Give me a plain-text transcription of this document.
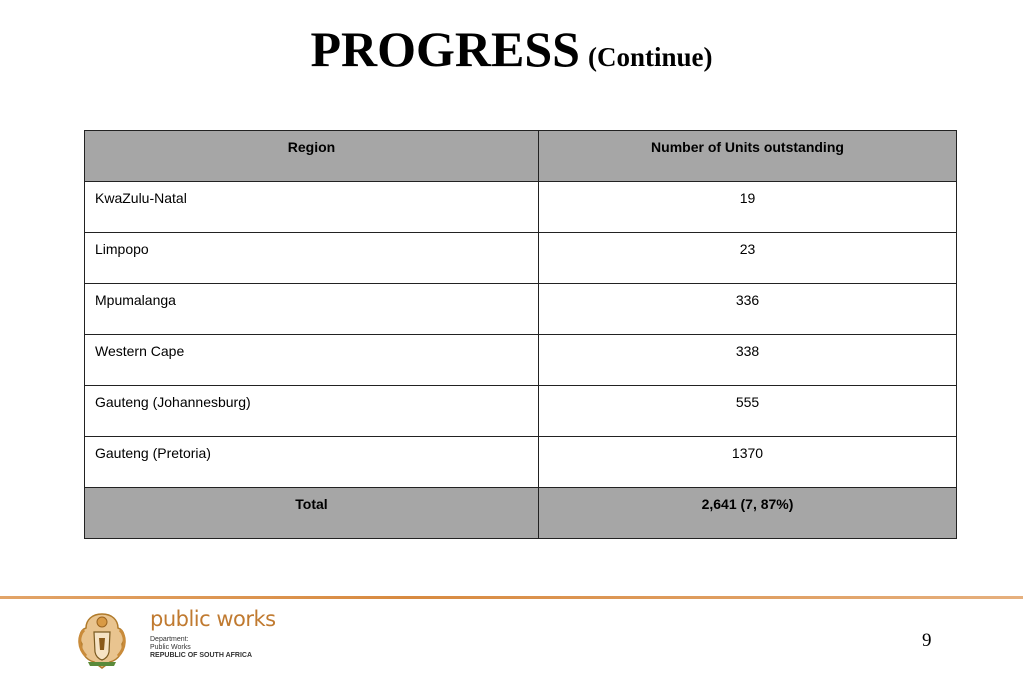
PROGRESS (Continue)
Region	Number of Units outstanding
KwaZulu-Natal	19
Limpopo	23
Mpumalanga	336
Western Cape	338
Gauteng (Johannesburg)	555
Gauteng (Pretoria)	1370
Total	2,641 (7, 87%)
public works
Department:
Public Works
REPUBLIC OF SOUTH AFRICA
9
